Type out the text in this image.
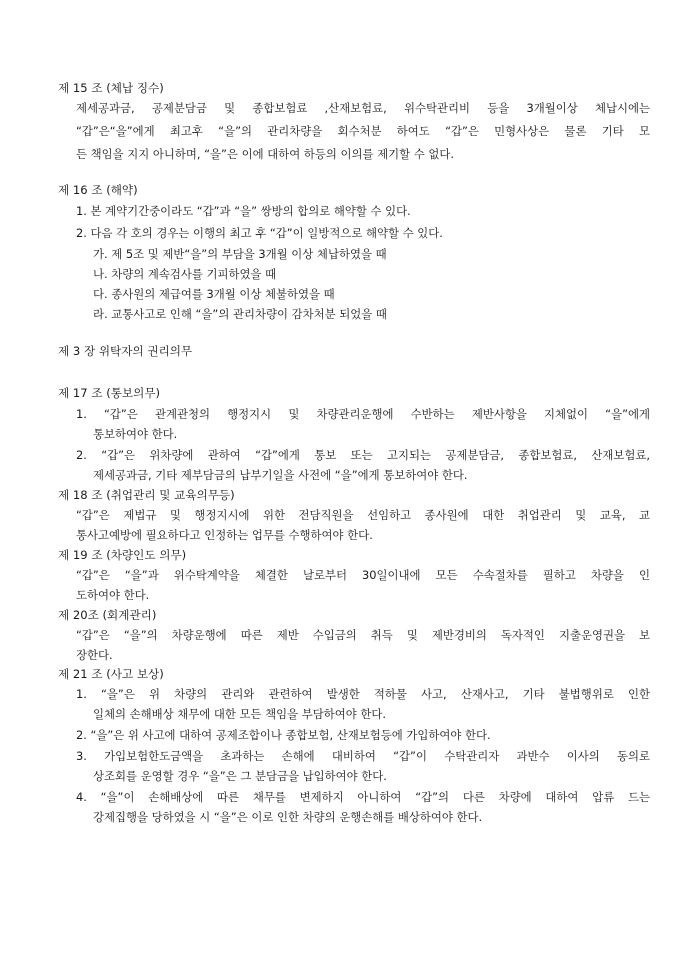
제 15 조 (체납 징수)
제세공과금, 공제분담금 및 종합보험료 ,산재보험료, 위수탁관리비 등을 3개월이상 체납시에는
“갑”은“을”에게 최고후 “을”의 관리차량을 회수처분 하여도 “갑”은 민형사상은 물론 기타 모
든 책임을 지지 아니하며, “을”은 이에 대하여 하등의 이의를 제기할 수 없다.
제 16 조 (해약)
1. 본 계약기간중이라도 “갑”과 “을” 쌍방의 합의로 해약할 수 있다.
2. 다음 각 호의 경우는 이행의 최고 후 “갑”이 일방적으로 해약할 수 있다.
가. 제 5조 및 제반“을”의 부담을 3개월 이상 체납하였을 때
나. 차량의 계속검사를 기피하였을 때
다. 종사원의 제급여를 3개월 이상 체불하였을 때
라. 교통사고로 인해 “을”의 관리차량이 감차처분 되었을 때
제 3 장 위탁자의 권리의무
제 17 조 (통보의무)
1. “갑”은 관계관청의 행정지시 및 차량관리운행에 수반하는 제반사항을 지체없이 “을”에게
통보하여야 한다.
2. “갑”은 위차량에 관하여 “갑”에게 통보 또는 고지되는 공제분담금, 종합보험료, 산재보험료,
제세공과금, 기타 제부담금의 납부기일을 사전에 “을”에게 통보하여야 한다.
제 18 조 (취업관리 및 교육의무등)
“갑”은 제법규 및 행정지시에 위한 전담직원을 선임하고 종사원에 대한 취업관리 및 교육, 교
통사고예방에 필요하다고 인정하는 업무를 수행하여야 한다.
제 19 조 (차량인도 의무)
“갑”은 “을”과 위수탁계약을 체결한 날로부터 30일이내에 모든 수속절차를 필하고 차량을 인
도하여야 한다.
제 20조 (회계관리)
“갑”은 “을”의 차량운행에 따른 제반 수입금의 취득 및 제반경비의 독자적인 지출운영권을 보
장한다.
제 21 조 (사고 보상)
1. “을”은 위 차량의 관리와 관련하여 발생한 적하물 사고, 산재사고, 기타 불법행위로 인한
일체의 손해배상 채무에 대한 모든 책임을 부담하여야 한다.
2. “을”은 위 사고에 대하여 공제조합이나 종합보험, 산재보험등에 가입하여야 한다.
3. 가입보험한도금액을 초과하는 손해에 대비하여 “갑”이 수탁관리자 과반수 이사의 동의로
상조회를 운영할 경우 “을”은 그 분담금을 납입하여야 한다.
4. “을”이 손해배상에 따른 채무를 변제하지 아니하여 “갑”의 다른 차량에 대하여 압류 드는
강제집행을 당하였을 시 “을”은 이로 인한 차량의 운행손해를 배상하여야 한다.
